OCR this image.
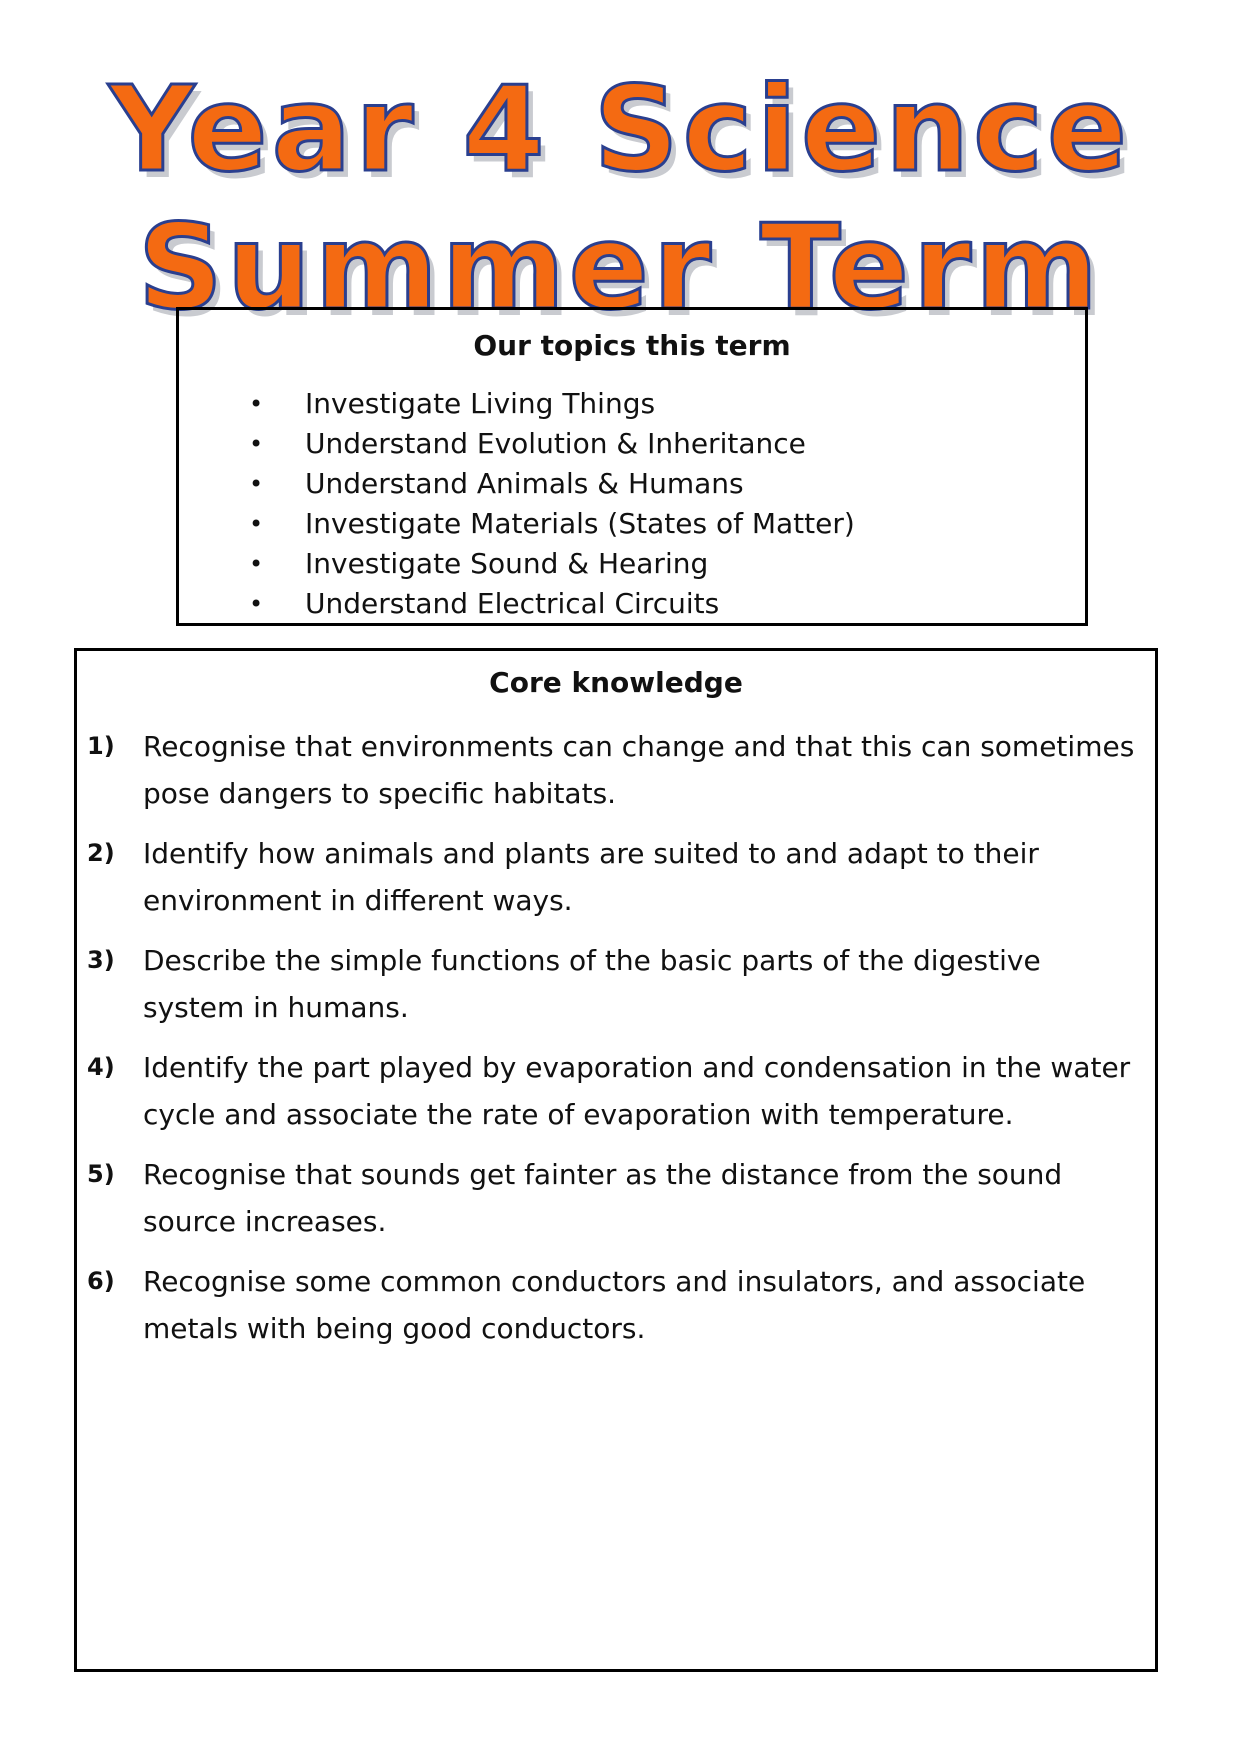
Year 4 Science
Summer Term
Our topics this term
• Investigate Living Things
• Understand Evolution & Inheritance
• Understand Animals & Humans
• Investigate Materials (States of Matter)
• Investigate Sound & Hearing
• Understand Electrical Circuits
Core knowledge
1) Recognise that environments can change and that this can sometimes pose dangers to specific habitats.
2) Identify how animals and plants are suited to and adapt to their environment in different ways.
3) Describe the simple functions of the basic parts of the digestive system in humans.
4) Identify the part played by evaporation and condensation in the water cycle and associate the rate of evaporation with temperature.
5) Recognise that sounds get fainter as the distance from the sound source increases.
6) Recognise some common conductors and insulators, and associate metals with being good conductors.
